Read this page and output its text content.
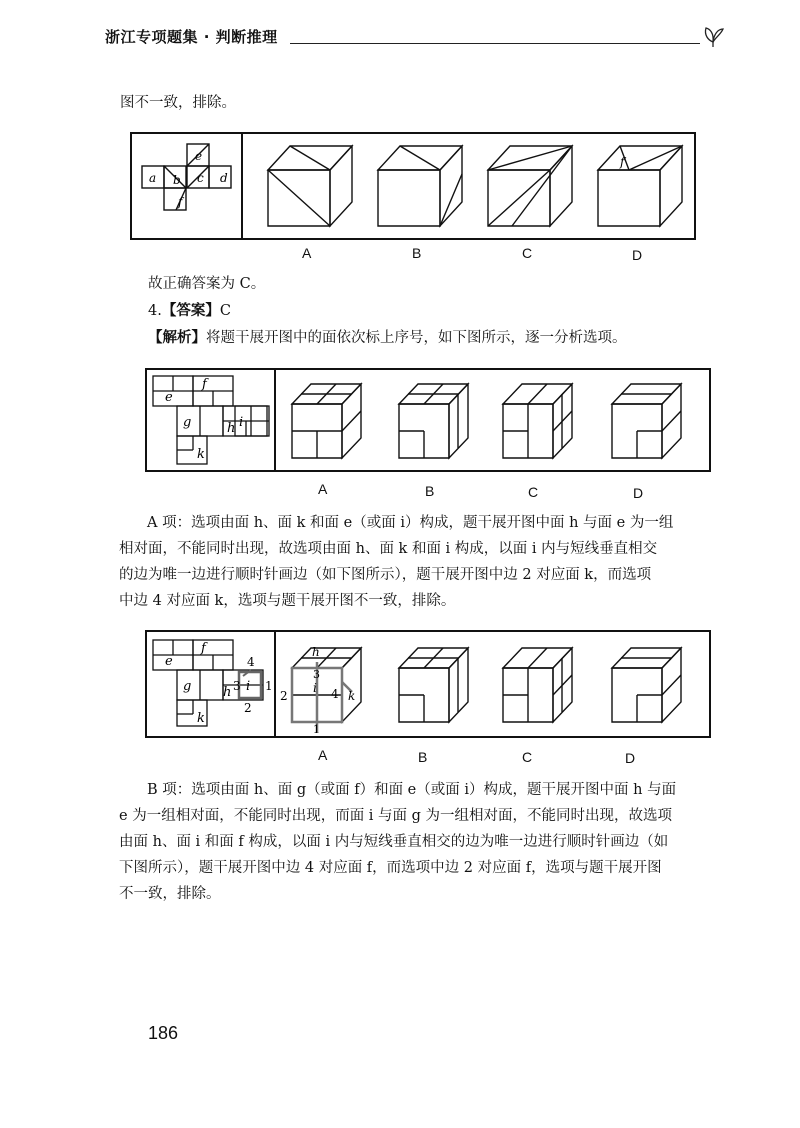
浙江专项题集 · 判断推理
图不一致，排除。
e
a b c d
f
f
A	B	C	D
故正确答案为 C。
4.【答案】C
【解析】将题干展开图中的面依次标上序号，如下图所示，逐一分析选项。
e
f
g	h i
k
A	B	C	D
A 项：选项由面 h、面 k 和面 e（或面 i）构成，题干展开图中面 h 与面 e 为一组
相对面，不能同时出现，故选项由面 h、面 k 和面 i 构成，以面 i 内与短线垂直相交
的边为唯一边进行顺时针画边（如下图所示），题干展开图中边 2 对应面 k，而选项
中边 4 对应面 k，选项与题干展开图不一致，排除。
e
f
g h i
k
4
1
2
3
h
i
k
3
2	4
1
A	B	C	D
B 项：选项由面 h、面 g（或面 f）和面 e（或面 i）构成，题干展开图中面 h 与面
e 为一组相对面，不能同时出现，而面 i 与面 g 为一组相对面，不能同时出现，故选项
由面 h、面 i 和面 f 构成，以面 i 内与短线垂直相交的边为唯一边进行顺时针画边（如
下图所示），题干展开图中边 4 对应面 f，而选项中边 2 对应面 f，选项与题干展开图
不一致，排除。
186
